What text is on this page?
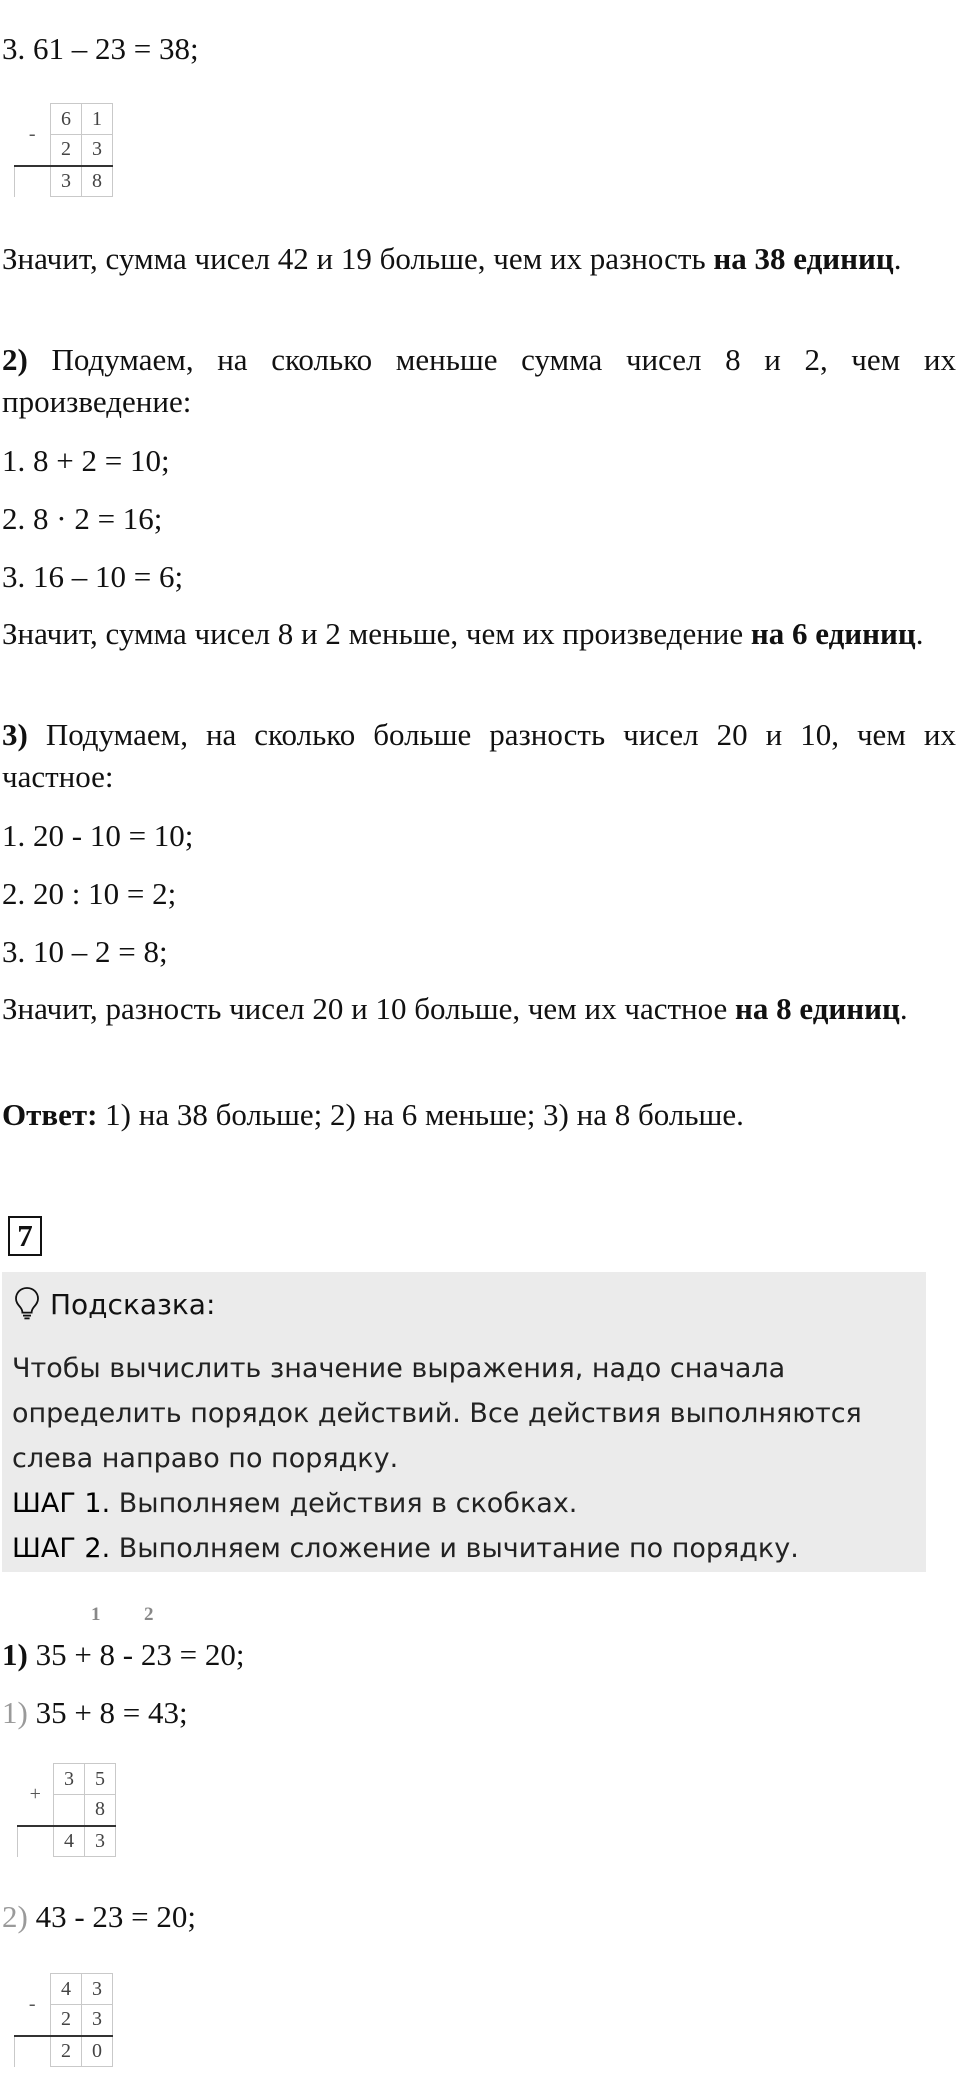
3. 61 – 23 = 38;
-	6	1
	2	3
	3	8
Значит, сумма чисел 42 и 19 больше, чем их разность на 38 единиц.
2) Подумаем, на сколько меньше сумма чисел 8 и 2, чем их произведение:
1. 8 + 2 = 10;
2. 8 · 2 = 16;
3. 16 – 10 = 6;
Значит, сумма чисел 8 и 2 меньше, чем их произведение на 6 единиц.
3) Подумаем, на сколько больше разность чисел 20 и 10, чем их частное:
1. 20 - 10 = 10;
2. 20 : 10 = 2;
3. 10 – 2 = 8;
Значит, разность чисел 20 и 10 больше, чем их частное на 8 единиц.
Ответ: 1) на 38 больше; 2) на 6 меньше; 3) на 8 больше.
7
Подсказка:
Чтобы вычислить значение выражения, надо сначала определить порядок действий. Все действия выполняются слева направо по порядку.
ШАГ 1. Выполняем действия в скобках.
ШАГ 2. Выполняем сложение и вычитание по порядку.
1 2
1) 35 + 8 - 23 = 20;
1) 35 + 8 = 43;
+	3	5
		8
	4	3
2) 43 - 23 = 20;
-	4	3
	2	3
	2	0
